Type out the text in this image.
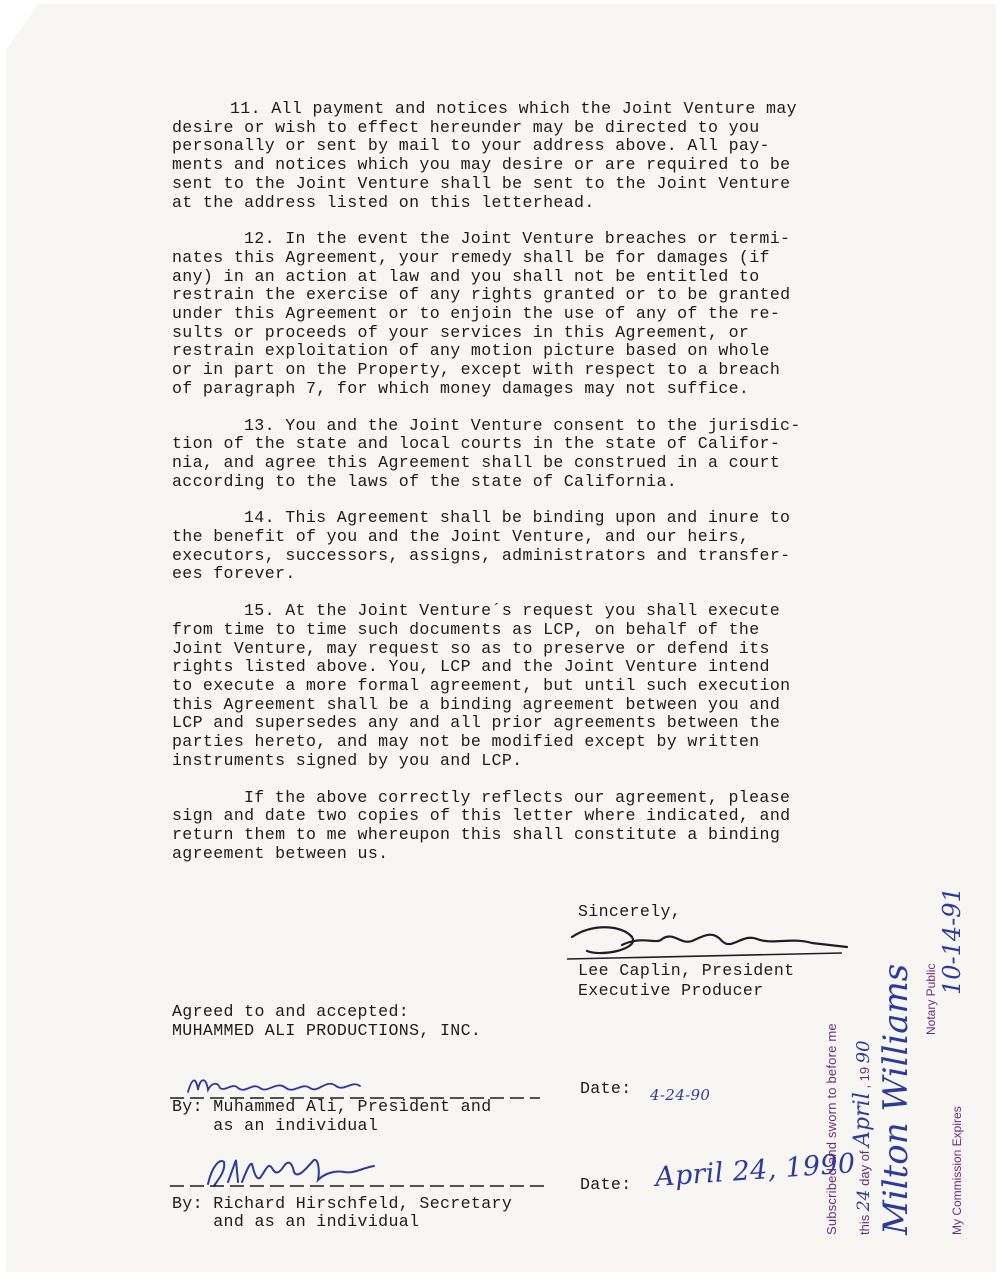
11. All payment and notices which the Joint Venture may
desire or wish to effect hereunder may be directed to you
personally or sent by mail to your address above. All pay-
ments and notices which you may desire or are required to be
sent to the Joint Venture shall be sent to the Joint Venture
at the address listed on this letterhead.

12. In the event the Joint Venture breaches or termi-
nates this Agreement, your remedy shall be for damages (if
any) in an action at law and you shall not be entitled to
restrain the exercise of any rights granted or to be granted
under this Agreement or to enjoin the use of any of the re-
sults or proceeds of your services in this Agreement, or
restrain exploitation of any motion picture based on whole
or in part on the Property, except with respect to a breach
of paragraph 7, for which money damages may not suffice.

13. You and the Joint Venture consent to the jurisdic-
tion of the state and local courts in the state of Califor-
nia, and agree this Agreement shall be construed in a court
according to the laws of the state of California.

14. This Agreement shall be binding upon and inure to
the benefit of you and the Joint Venture, and our heirs,
executors, successors, assigns, administrators and transfer-
ees forever.

15. At the Joint Venture´s request you shall execute
from time to time such documents as LCP, on behalf of the
Joint Venture, may request so as to preserve or defend its
rights listed above. You, LCP and the Joint Venture intend
to execute a more formal agreement, but until such execution
this Agreement shall be a binding agreement between you and
LCP and supersedes any and all prior agreements between the
parties hereto, and may not be modified except by written
instruments signed by you and LCP.

If the above correctly reflects our agreement, please
sign and date two copies of this letter where indicated, and
return them to me whereupon this shall constitute a binding
agreement between us.

Sincerely,
Lee Caplin, President
Executive Producer
Agreed to and accepted:
MUHAMMED ALI PRODUCTIONS, INC.
By: Muhammed Ali, President and
as an individual
Date: 4-24-90
By: Richard Hirschfeld, Secretary
and as an individual
Date: April 24, 1990
Subscribed and sworn to before me	this 24 day of April , 19 90 Milton Williams Notary Public
My Commission Expires
10-14-91
